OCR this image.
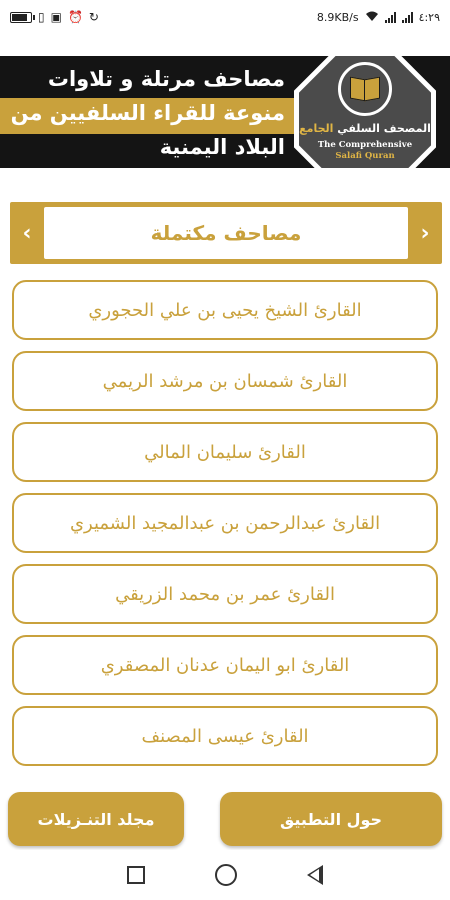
▯ ▣ ⏰ ↻	8.9KB/s	٤:٢٩
مصاحف مرتلة و تلاوات
منوعة للقراء السلفيين من
البلاد اليمنية
المصحف السلفي الجامع
The Comprehensive
Salafi Quran
‹	مصاحف مكتملة	›
القارئ الشيخ يحيى بن علي الحجوري
القارئ شمسان بن مرشد الريمي
القارئ سليمان المالي
القارئ عبدالرحمن بن عبدالمجيد الشميري
القارئ عمر بن محمد الزريقي
القارئ ابو اليمان عدنان المصقري
القارئ عيسى المصنف
حول التطبيق
مجلد التنـزيلات
